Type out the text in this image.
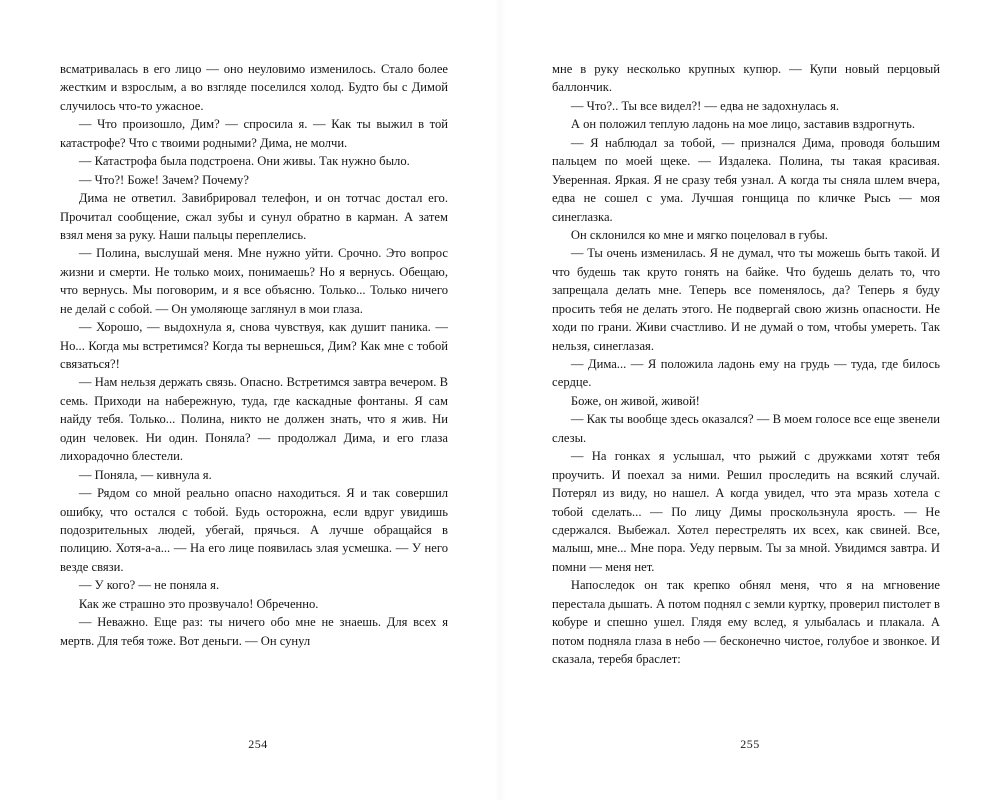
всматривалась в его лицо — оно неуловимо изменилось. Стало более жестким и взрослым, а во взгляде поселился холод. Будто бы с Димой случилось что-то ужасное.

— Что произошло, Дим? — спросила я. — Как ты выжил в той катастрофе? Что с твоими родными? Дима, не молчи.

— Катастрофа была подстроена. Они живы. Так нужно было.

— Что?! Боже! Зачем? Почему?

Дима не ответил. Завибрировал телефон, и он тотчас достал его. Прочитал сообщение, сжал зубы и сунул обратно в карман. А затем взял меня за руку. Наши пальцы переплелись.

— Полина, выслушай меня. Мне нужно уйти. Срочно. Это вопрос жизни и смерти. Не только моих, понимаешь? Но я вернусь. Обещаю, что вернусь. Мы поговорим, и я все объясню. Только... Только ничего не делай с собой. — Он умоляюще заглянул в мои глаза.

— Хорошо, — выдохнула я, снова чувствуя, как душит паника. — Но... Когда мы встретимся? Когда ты вернешься, Дим? Как мне с тобой связаться?!

— Нам нельзя держать связь. Опасно. Встретимся завтра вечером. В семь. Приходи на набережную, туда, где каскадные фонтаны. Я сам найду тебя. Только... Полина, никто не должен знать, что я жив. Ни один человек. Ни один. Поняла? — продолжал Дима, и его глаза лихорадочно блестели.

— Поняла, — кивнула я.

— Рядом со мной реально опасно находиться. Я и так совершил ошибку, что остался с тобой. Будь осторожна, если вдруг увидишь подозрительных людей, убегай, прячься. А лучше обращайся в полицию. Хотя-а-а... — На его лице появилась злая усмешка. — У него везде связи.

— У кого? — не поняла я.

Как же страшно это прозвучало! Обреченно.

— Неважно. Еще раз: ты ничего обо мне не знаешь. Для всех я мертв. Для тебя тоже. Вот деньги. — Он сунул

254

мне в руку несколько крупных купюр. — Купи новый перцовый баллончик.

— Что?.. Ты все видел?! — едва не задохнулась я.

А он положил теплую ладонь на мое лицо, заставив вздрогнуть.

— Я наблюдал за тобой, — признался Дима, проводя большим пальцем по моей щеке. — Издалека. Полина, ты такая красивая. Уверенная. Яркая. Я не сразу тебя узнал. А когда ты сняла шлем вчера, едва не сошел с ума. Лучшая гонщица по кличке Рысь — моя синеглазка.

Он склонился ко мне и мягко поцеловал в губы.

— Ты очень изменилась. Я не думал, что ты можешь быть такой. И что будешь так круто гонять на байке. Что будешь делать то, что запрещала делать мне. Теперь все поменялось, да? Теперь я буду просить тебя не делать этого. Не подвергай свою жизнь опасности. Не ходи по грани. Живи счастливо. И не думай о том, чтобы умереть. Так нельзя, синеглазая.

— Дима... — Я положила ладонь ему на грудь — туда, где билось сердце.

Боже, он живой, живой!

— Как ты вообще здесь оказался? — В моем голосе все еще звенели слезы.

— На гонках я услышал, что рыжий с дружками хотят тебя проучить. И поехал за ними. Решил проследить на всякий случай. Потерял из виду, но нашел. А когда увидел, что эта мразь хотела с тобой сделать... — По лицу Димы проскользнула ярость. — Не сдержался. Выбежал. Хотел перестрелять их всех, как свиней. Все, малыш, мне... Мне пора. Уеду первым. Ты за мной. Увидимся завтра. И помни — меня нет.

Напоследок он так крепко обнял меня, что я на мгновение перестала дышать. А потом поднял с земли куртку, проверил пистолет в кобуре и спешно ушел. Глядя ему вслед, я улыбалась и плакала. А потом подняла глаза в небо — бесконечно чистое, голубое и звонкое. И сказала, теребя браслет:

255
